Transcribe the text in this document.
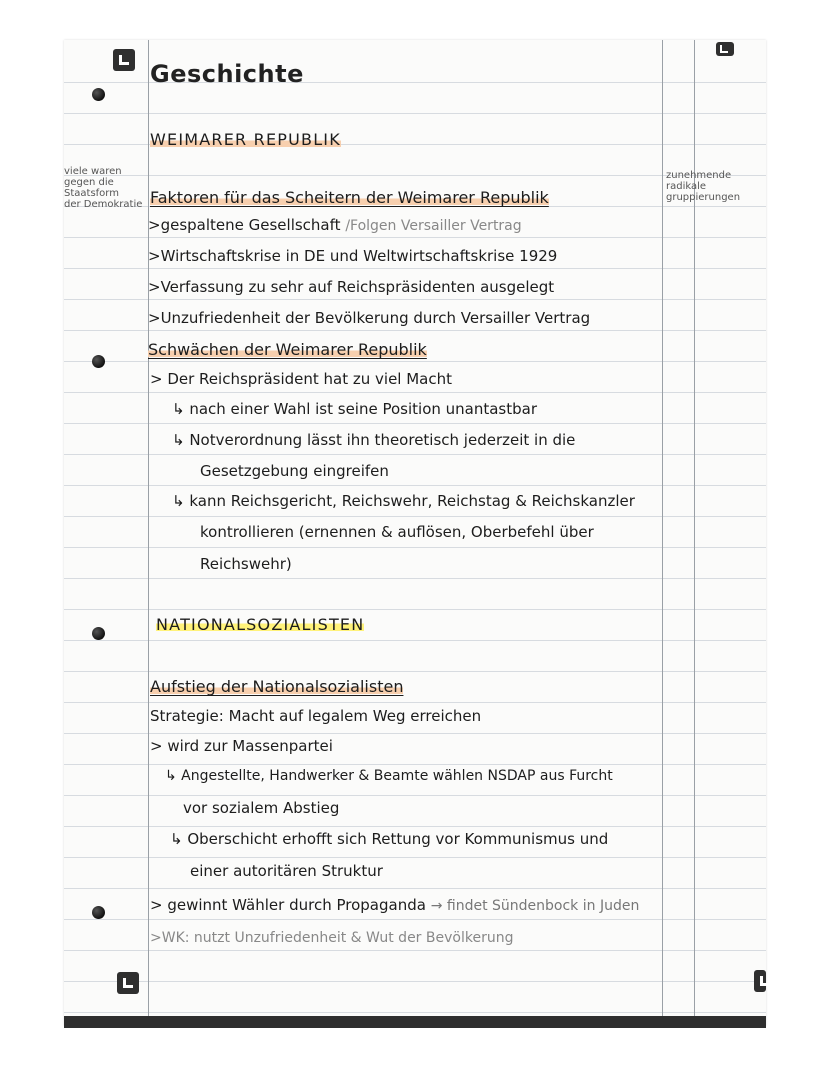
Geschichte
WEIMARER REPUBLIK
viele waren
gegen die
Staatsform
der Demokratie
zunehmende
radikale
gruppierungen
Faktoren für das Scheitern der Weimarer Republik
>gespaltene Gesellschaft /Folgen Versailler Vertrag
>Wirtschaftskrise in DE und Weltwirtschaftskrise 1929
>Verfassung zu sehr auf Reichspräsidenten ausgelegt
>Unzufriedenheit der Bevölkerung durch Versailler Vertrag
Schwächen der Weimarer Republik
> Der Reichspräsident hat zu viel Macht
↳ nach einer Wahl ist seine Position unantastbar
↳ Notverordnung lässt ihn theoretisch jederzeit in die
Gesetzgebung eingreifen
↳ kann Reichsgericht, Reichswehr, Reichstag & Reichskanzler
kontrollieren (ernennen & auflösen, Oberbefehl über
Reichswehr)
NATIONALSOZIALISTEN
Aufstieg der Nationalsozialisten
Strategie: Macht auf legalem Weg erreichen
> wird zur Massenpartei
↳ Angestellte, Handwerker & Beamte wählen NSDAP aus Furcht
vor sozialem Abstieg
↳ Oberschicht erhofft sich Rettung vor Kommunismus und
einer autoritären Struktur
> gewinnt Wähler durch Propaganda → findet Sündenbock in Juden
>WK: nutzt Unzufriedenheit & Wut der Bevölkerung
